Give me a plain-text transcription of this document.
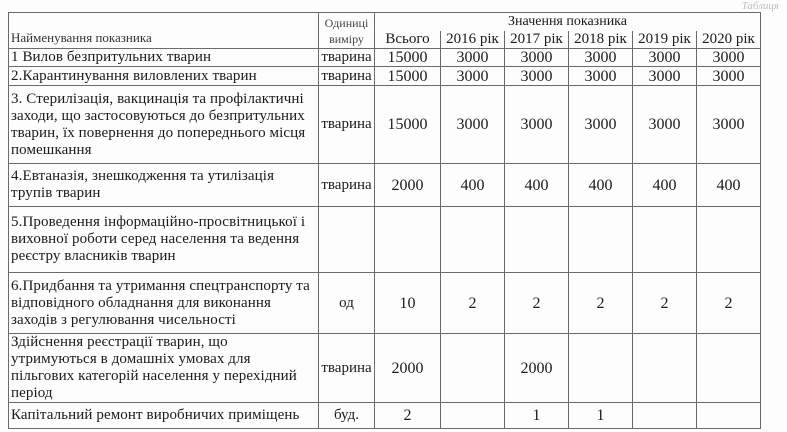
Таблиця
Найменування показника	Одиниці виміру	Значення показника					
		Всього	2016 рік	2017 рік	2018 рік	2019 рік	2020 рік
1 Вилов безпритульних тварин	тварина	15000	3000	3000	3000	3000	3000
2.Карантинування виловлених тварин	тварина	15000	3000	3000	3000	3000	3000
3. Стерилізація, вакцинація та профілактичні заходи, що застосовуються до безпритульних тварин, їх повернення до попереднього місця помешкання	тварина	15000	3000	3000	3000	3000	3000
4.Евтаназія, знешкодження та утилізація трупів тварин	тварина	2000	400	400	400	400	400
5.Проведення інформаційно-просвітницької і виховної роботи серед населення та ведення реєстру власників тварин							
6.Придбання та утримання спецтранспорту та відповідного обладнання для виконання заходів з регулювання чисельності	од	10	2	2	2	2	2
Здійснення реєстрації тварин, що утримуються в домашніх умовах для пільгових категорій населення у перехідний період	тварина	2000		2000			
Капітальний ремонт виробничих приміщень	буд.	2		1	1		
